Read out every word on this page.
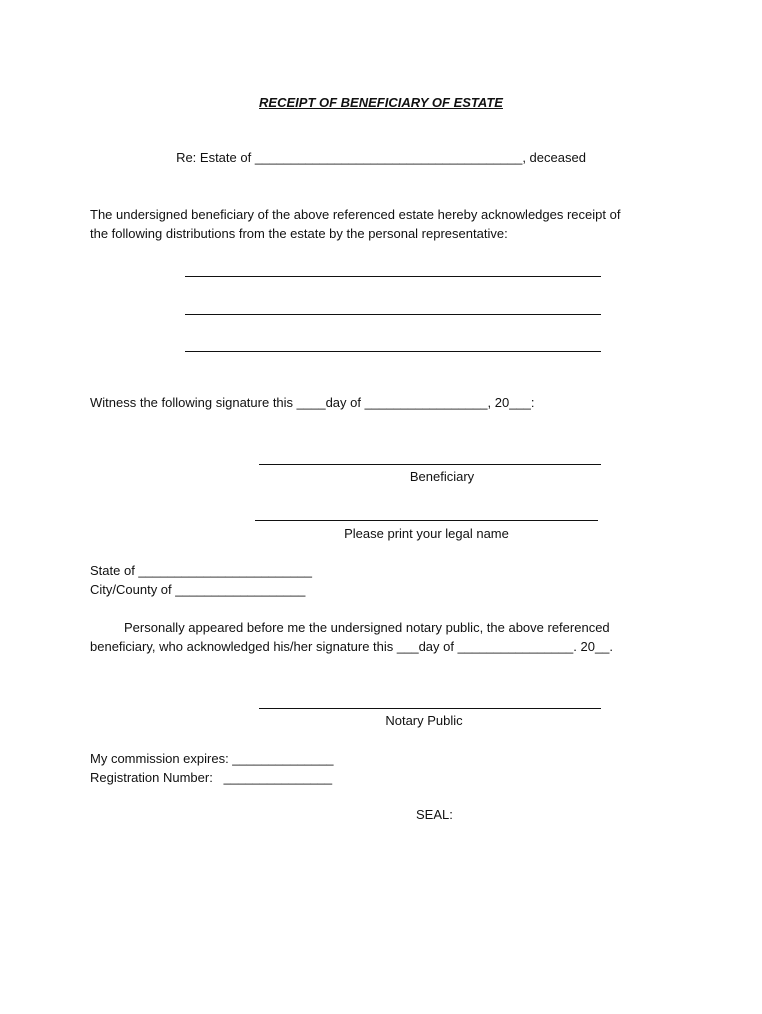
RECEIPT OF BENEFICIARY OF ESTATE
Re: Estate of _____________________________________, deceased
The undersigned beneficiary of the above referenced estate hereby acknowledges receipt of
the following distributions from the estate by the personal representative:
Witness the following signature this ____day of _________________, 20___:
Beneficiary
Please print your legal name
State of ________________________
City/County of __________________
Personally appeared before me the undersigned notary public, the above referenced
beneficiary, who acknowledged his/her signature this ___day of ________________. 20__.
Notary Public
My commission expires: ______________
Registration Number:   _______________
SEAL:
